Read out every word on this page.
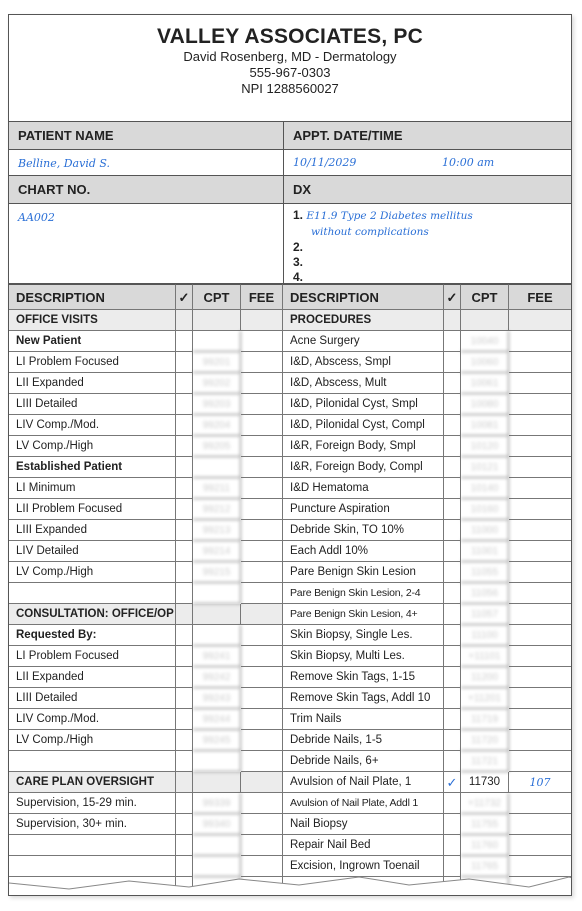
VALLEY ASSOCIATES, PC
David Rosenberg, MD - Dermatology
555-967-0303
NPI 1288560027
PATIENT NAME	APPT. DATE/TIME
Belline, David S.	10/11/2029	10:00 am
CHART NO.	DX
AA002	1. E11.9 Type 2 Diabetes mellitus
without complications
2.
3.
4.
DESCRIPTION	✓	CPT	FEE	DESCRIPTION	✓	CPT	FEE
OFFICE VISITS	PROCEDURES
New Patient	Acne Surgery	10040
LI Problem Focused	99201	I&D, Abscess, Smpl	10060
LII Expanded	99202	I&D, Abscess, Mult	10061
LIII Detailed	99203	I&D, Pilonidal Cyst, Smpl	10080
LIV Comp./Mod.	99204	I&D, Pilonidal Cyst, Compl	10081
LV Comp./High	99205	I&R, Foreign Body, Smpl	10120
Established Patient	I&R, Foreign Body, Compl	10121
LI Minimum	99211	I&D Hematoma	10140
LII Problem Focused	99212	Puncture Aspiration	10160
LIII Expanded	99213	Debride Skin, TO 10%	11000
LIV Detailed	99214	Each Addl 10%	11001
LV Comp./High	99215	Pare Benign Skin Lesion	11055
Pare Benign Skin Lesion, 2-4	11056
CONSULTATION: OFFICE/OP	Pare Benign Skin Lesion, 4+	11057
Requested By:	Skin Biopsy, Single Les.	11100
LI Problem Focused	99241	Skin Biopsy, Multi Les.	+11101
LII Expanded	99242	Remove Skin Tags, 1-15	11200
LIII Detailed	99243	Remove Skin Tags, Addl 10	+11201
LIV Comp./Mod.	99244	Trim Nails	11719
LV Comp./High	99245	Debride Nails, 1-5	11720
Debride Nails, 6+	11721
CARE PLAN OVERSIGHT	Avulsion of Nail Plate, 1	✓ 11730	107
Supervision, 15-29 min.	99339	Avulsion of Nail Plate, Addl 1	+11732
Supervision, 30+ min.	99340	Nail Biopsy	11755
Repair Nail Bed	11760
Excision, Ingrown Toenail	11765
